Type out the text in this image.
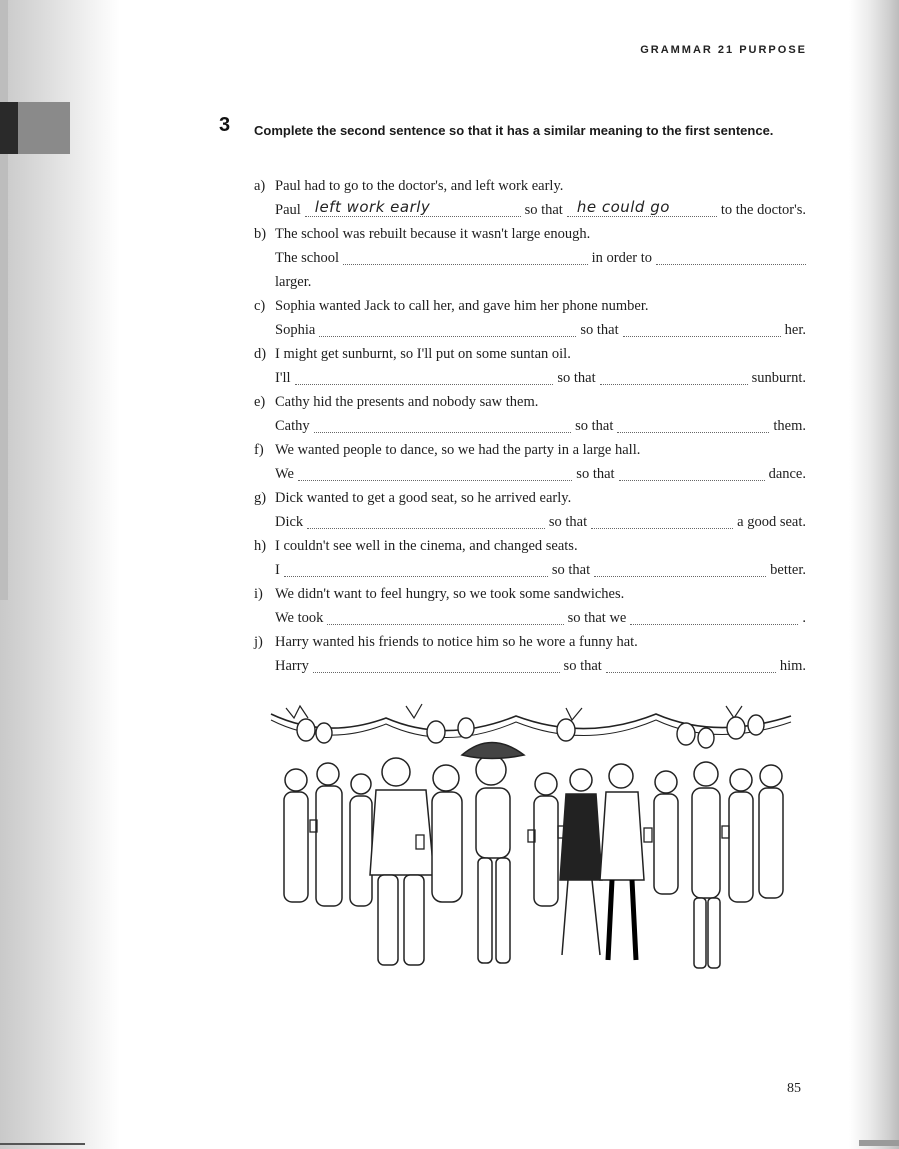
GRAMMAR 21 PURPOSE
3 Complete the second sentence so that it has a similar meaning to the first sentence.
a) Paul had to go to the doctor's, and left work early.
Paul left work early	so that he could go	to the doctor's.
b) The school was rebuilt because it wasn't large enough.
The school	in order to
larger.
c) Sophia wanted Jack to call her, and gave him her phone number.
Sophia	so that	her.
d) I might get sunburnt, so I'll put on some suntan oil.
I'll	so that	sunburnt.
e) Cathy hid the presents and nobody saw them.
Cathy	so that	them.
f) We wanted people to dance, so we had the party in a large hall.
We	so that	dance.
g) Dick wanted to get a good seat, so he arrived early.
Dick	so that	a good seat.
h) I couldn't see well in the cinema, and changed seats.
I	so that	better.
i) We didn't want to feel hungry, so we took some sandwiches.
We took	so that we	.
j) Harry wanted his friends to notice him so he wore a funny hat.
Harry	so that	him.
85
